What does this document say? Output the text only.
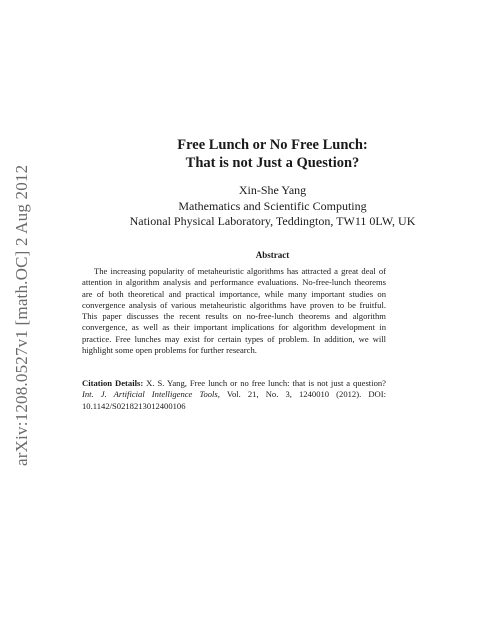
arXiv:1208.0527v1 [math.OC] 2 Aug 2012
Free Lunch or No Free Lunch:
That is not Just a Question?
Xin-She Yang
Mathematics and Scientific Computing
National Physical Laboratory, Teddington, TW11 0LW, UK
Abstract
The increasing popularity of metaheuristic algorithms has attracted a great deal of attention in algorithm analysis and performance evaluations. No-free-lunch theorems are of both theoretical and practical importance, while many important studies on convergence analysis of various metaheuristic algorithms have proven to be fruitful. This paper discusses the recent results on no-free-lunch theorems and algorithm convergence, as well as their important implications for algorithm development in practice. Free lunches may exist for certain types of problem. In addition, we will highlight some open problems for further research.
Citation Details: X. S. Yang, Free lunch or no free lunch: that is not just a question? Int. J. Artificial Intelligence Tools, Vol. 21, No. 3, 1240010 (2012). DOI: 10.1142/S0218213012400106
